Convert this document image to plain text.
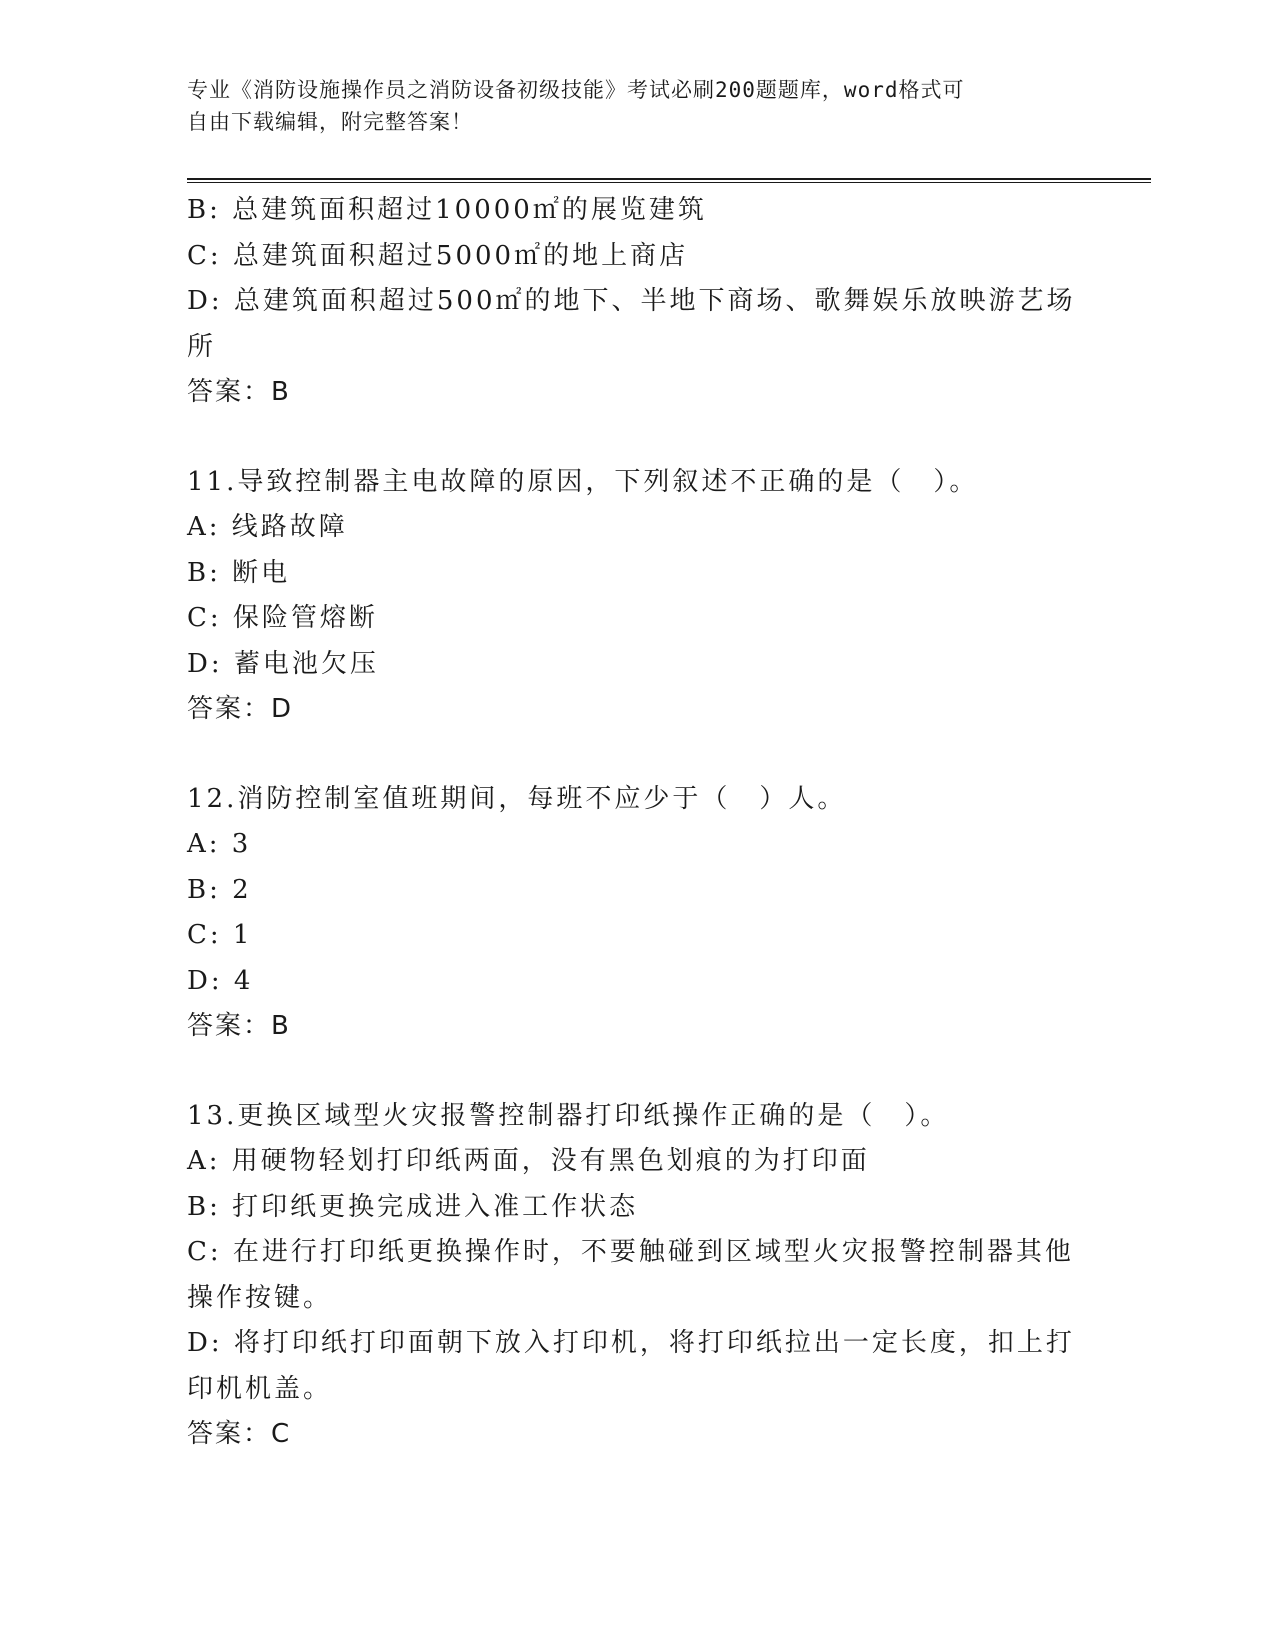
专业《消防设施操作员之消防设备初级技能》考试必刷200题题库，word格式可
自由下载编辑，附完整答案！
B: 总建筑面积超过10000㎡的展览建筑
C: 总建筑面积超过5000㎡的地上商店
D: 总建筑面积超过500㎡的地下、半地下商场、歌舞娱乐放映游艺场
所
答案：B
11.导致控制器主电故障的原因，下列叙述不正确的是（　）。
A: 线路故障
B: 断电
C: 保险管熔断
D: 蓄电池欠压
答案：D
12.消防控制室值班期间，每班不应少于（　）人。
A: 3
B: 2
C: 1
D: 4
答案：B
13.更换区域型火灾报警控制器打印纸操作正确的是（　）。
A: 用硬物轻划打印纸两面，没有黑色划痕的为打印面
B: 打印纸更换完成进入准工作状态
C: 在进行打印纸更换操作时，不要触碰到区域型火灾报警控制器其他
操作按键。
D: 将打印纸打印面朝下放入打印机，将打印纸拉出一定长度，扣上打
印机机盖。
答案：C
